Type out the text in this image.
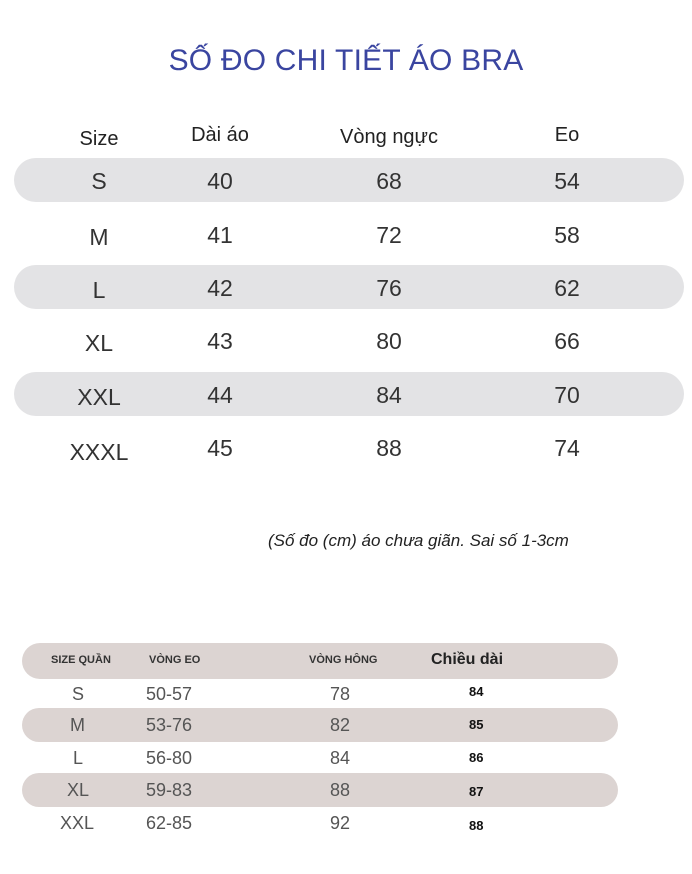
SỐ ĐO CHI TIẾT ÁO BRA
Size	Dài áo	Vòng ngực	Eo
S	40	68	54
M	41	72	58
L	42	76	62
XL	43	80	66
XXL	44	84	70
XXXL	45	88	74
(Số đo (cm) áo chưa giãn. Sai số 1-3cm
SIZE QUẦN	VÒNG EO	VÒNG HÔNG	Chiều dài
S	50-57	78	84
M	53-76	82	85
L	56-80	84	86
XL	59-83	88	87
XXL	62-85	92	88
